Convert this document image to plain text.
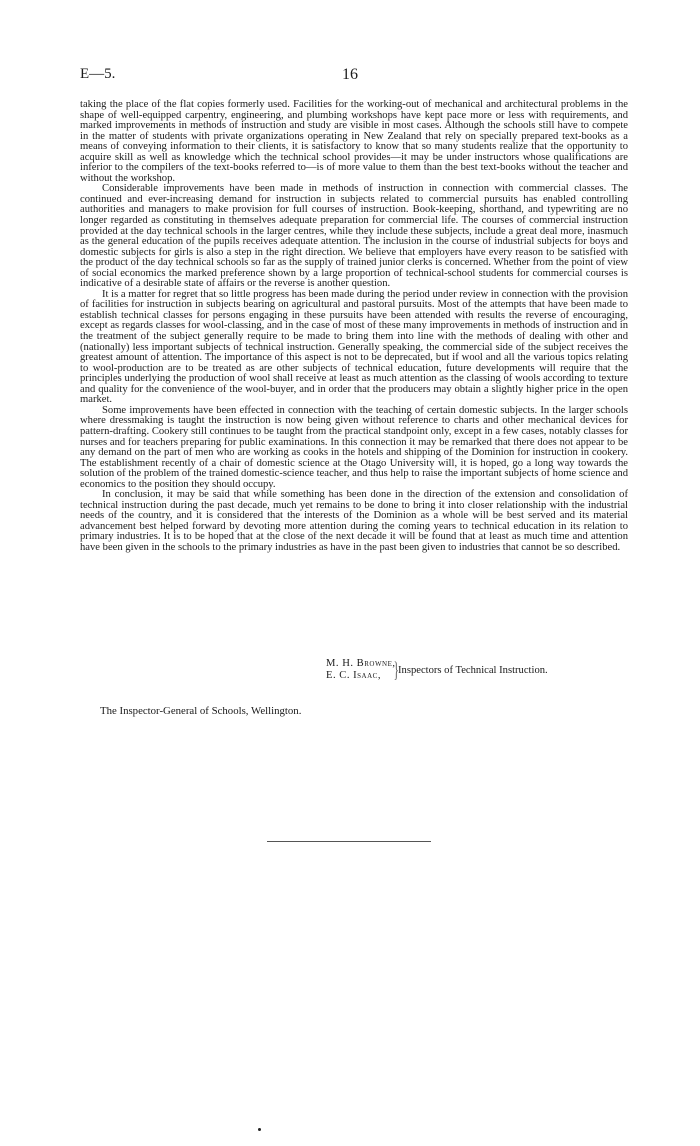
E—5.	16

taking the place of the flat copies formerly used. Facilities for the working-out of mechanical and architectural problems in the shape of well-equipped carpentry, engineering, and plumbing workshops have kept pace more or less with requirements, and marked improvements in methods of instruction and study are visible in most cases. Although the schools still have to compete in the matter of students with private organizations operating in New Zealand that rely on specially prepared text-books as a means of conveying information to their clients, it is satisfactory to know that so many students realize that the opportunity to acquire skill as well as knowledge which the technical school provides—it may be under instructors whose qualifications are inferior to the compilers of the text-books referred to—is of more value to them than the best text-books without the teacher and without the workshop.

Considerable improvements have been made in methods of instruction in connection with commercial classes. The continued and ever-increasing demand for instruction in subjects related to commercial pursuits has enabled controlling authorities and managers to make provision for full courses of instruction. Book-keeping, shorthand, and typewriting are no longer regarded as constituting in themselves adequate preparation for commercial life. The courses of commercial instruction provided at the day technical schools in the larger centres, while they include these subjects, include a great deal more, inasmuch as the general education of the pupils receives adequate attention. The inclusion in the course of industrial subjects for boys and domestic subjects for girls is also a step in the right direction. We believe that employers have every reason to be satisfied with the product of the day technical schools so far as the supply of trained junior clerks is concerned. Whether from the point of view of social economics the marked preference shown by a large proportion of technical-school students for commercial courses is indicative of a desirable state of affairs or the reverse is another question.

It is a matter for regret that so little progress has been made during the period under review in connection with the provision of facilities for instruction in subjects bearing on agricultural and pastoral pursuits. Most of the attempts that have been made to establish technical classes for persons engaging in these pursuits have been attended with results the reverse of encouraging, except as regards classes for wool-classing, and in the case of most of these many improvements in methods of instruction and in the treatment of the subject generally require to be made to bring them into line with the methods of dealing with other and (nationally) less important subjects of technical instruction. Generally speaking, the commercial side of the subject receives the greatest amount of attention. The importance of this aspect is not to be deprecated, but if wool and all the various topics relating to wool-production are to be treated as are other subjects of technical education, future developments will require that the principles underlying the production of wool shall receive at least as much attention as the classing of wools according to texture and quality for the convenience of the wool-buyer, and in order that the producers may obtain a slightly higher price in the open market.

Some improvements have been effected in connection with the teaching of certain domestic subjects. In the larger schools where dressmaking is taught the instruction is now being given without reference to charts and other mechanical devices for pattern-drafting. Cookery still continues to be taught from the practical standpoint only, except in a few cases, notably classes for nurses and for teachers preparing for public examinations. In this connection it may be remarked that there does not appear to be any demand on the part of men who are working as cooks in the hotels and shipping of the Dominion for instruction in cookery. The establishment recently of a chair of domestic science at the Otago University will, it is hoped, go a long way towards the solution of the problem of the trained domestic-science teacher, and thus help to raise the important subjects of home science and economics to the position they should occupy.

In conclusion, it may be said that while something has been done in the direction of the extension and consolidation of technical instruction during the past decade, much yet remains to be done to bring it into closer relationship with the industrial needs of the country, and it is considered that the interests of the Dominion as a whole will be best served and its material advancement best helped forward by devoting more attention during the coming years to technical education in its relation to primary industries. It is to be hoped that at the close of the next decade it will be found that at least as much time and attention have been given in the schools to the primary industries as have in the past been given to industries that cannot be so described.

M. H. Browne,
E. C. Isaac, } Inspectors of Technical Instruction.
The Inspector-General of Schools, Wellington.
